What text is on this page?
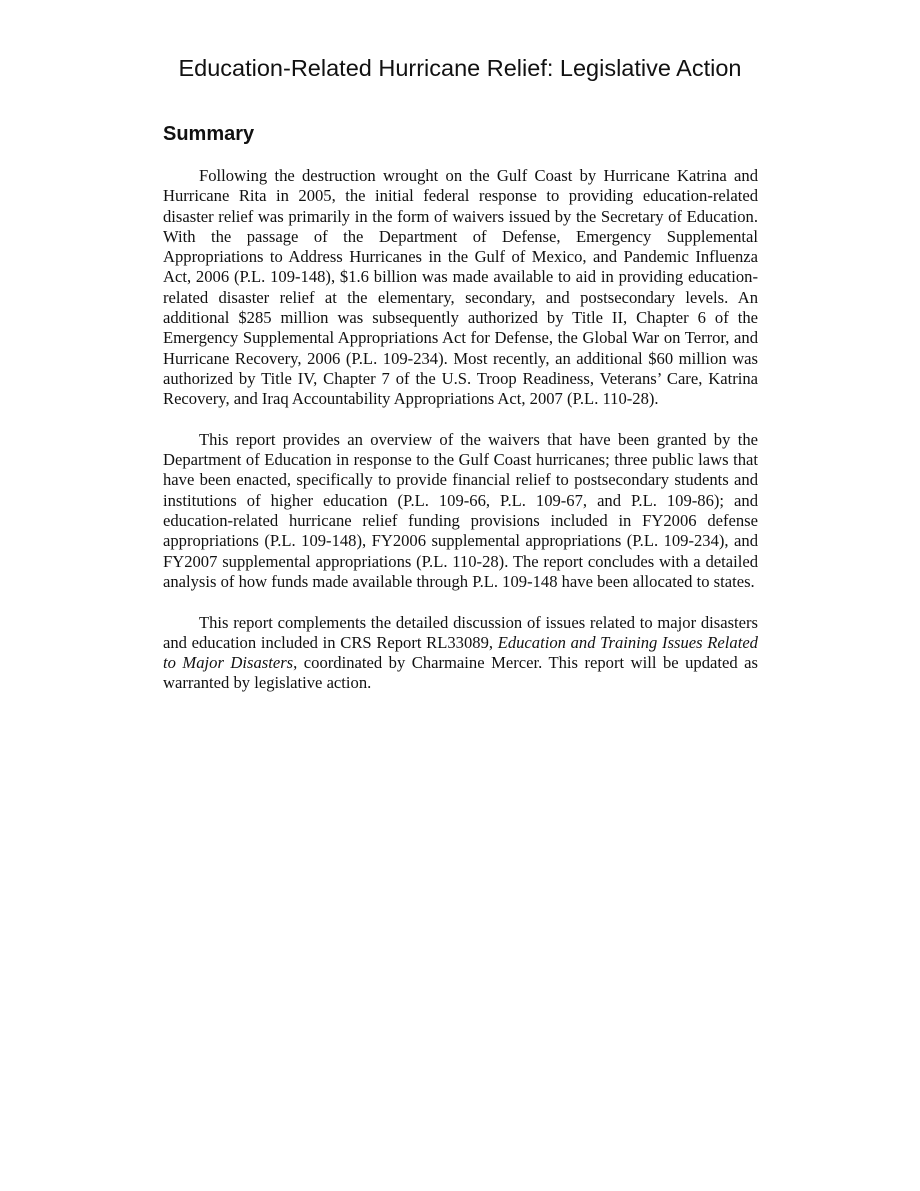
Education-Related Hurricane Relief: Legislative Action
Summary

Following the destruction wrought on the Gulf Coast by Hurricane Katrina and Hurricane Rita in 2005, the initial federal response to providing education-related disaster relief was primarily in the form of waivers issued by the Secretary of Education. With the passage of the Department of Defense, Emergency Supplemental Appropriations to Address Hurricanes in the Gulf of Mexico, and Pandemic Influenza Act, 2006 (P.L. 109-148), $1.6 billion was made available to aid in providing education-related disaster relief at the elementary, secondary, and postsecondary levels. An additional $285 million was subsequently authorized by Title II, Chapter 6 of the Emergency Supplemental Appropriations Act for Defense, the Global War on Terror, and Hurricane Recovery, 2006 (P.L. 109-234). Most recently, an additional $60 million was authorized by Title IV, Chapter 7 of the U.S. Troop Readiness, Veterans’ Care, Katrina Recovery, and Iraq Accountability Appropriations Act, 2007 (P.L. 110-28).

This report provides an overview of the waivers that have been granted by the Department of Education in response to the Gulf Coast hurricanes; three public laws that have been enacted, specifically to provide financial relief to postsecondary students and institutions of higher education (P.L. 109-66, P.L. 109-67, and P.L. 109-86); and education-related hurricane relief funding provisions included in FY2006 defense appropriations (P.L. 109-148), FY2006 supplemental appropriations (P.L. 109-234), and FY2007 supplemental appropriations (P.L. 110-28). The report concludes with a detailed analysis of how funds made available through P.L. 109-148 have been allocated to states.

This report complements the detailed discussion of issues related to major disasters and education included in CRS Report RL33089, Education and Training Issues Related to Major Disasters, coordinated by Charmaine Mercer. This report will be updated as warranted by legislative action.
